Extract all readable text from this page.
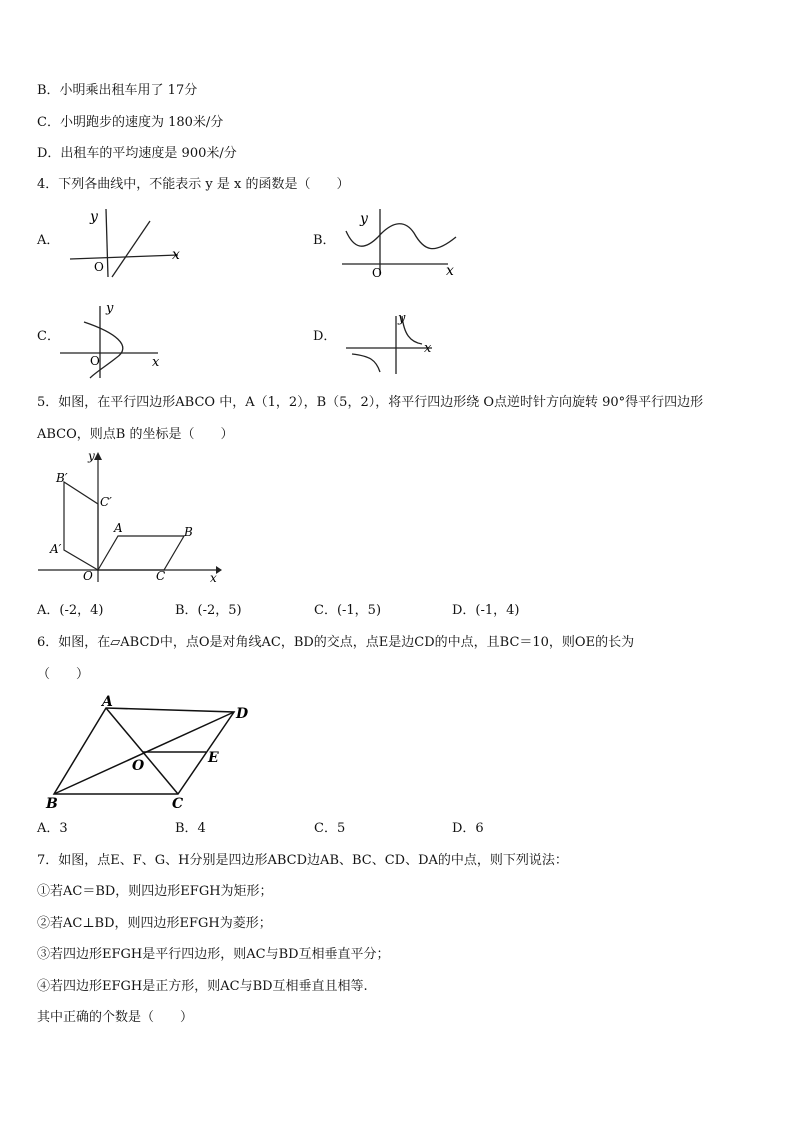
B．小明乘出租车用了 17分
C．小明跑步的速度为 180米/分
D．出租车的平均速度是 900米/分
4．下列各曲线中，不能表示 y 是 x 的函数是（　　）
A．
y
x
O
B．
y
x
O
C．
y
x
O
D．
y
x
5．如图，在平行四边形ABCO 中，A（1，2），B（5，2），将平行四边形绕 O点逆时针方向旋转 90°得平行四边形
ABCO，则点B 的坐标是（　　）
y
x
O
A	B
C
A′
B′
C′
A．(-2，4)	B．(-2，5)	C．(-1，5)	D．(-1，4)
6．如图，在▱ABCD中，点O是对角线AC，BD的交点，点E是边CD的中点，且BC＝10，则OE的长为
（　　）
A
B	C
D
O	E
A．3	B．4	C．5	D．6
7．如图，点E、F、G、H分别是四边形ABCD边AB、BC、CD、DA的中点，则下列说法：
①若AC＝BD，则四边形EFGH为矩形；
②若AC⊥BD，则四边形EFGH为菱形；
③若四边形EFGH是平行四边形，则AC与BD互相垂直平分；
④若四边形EFGH是正方形，则AC与BD互相垂直且相等.
其中正确的个数是（　　）
